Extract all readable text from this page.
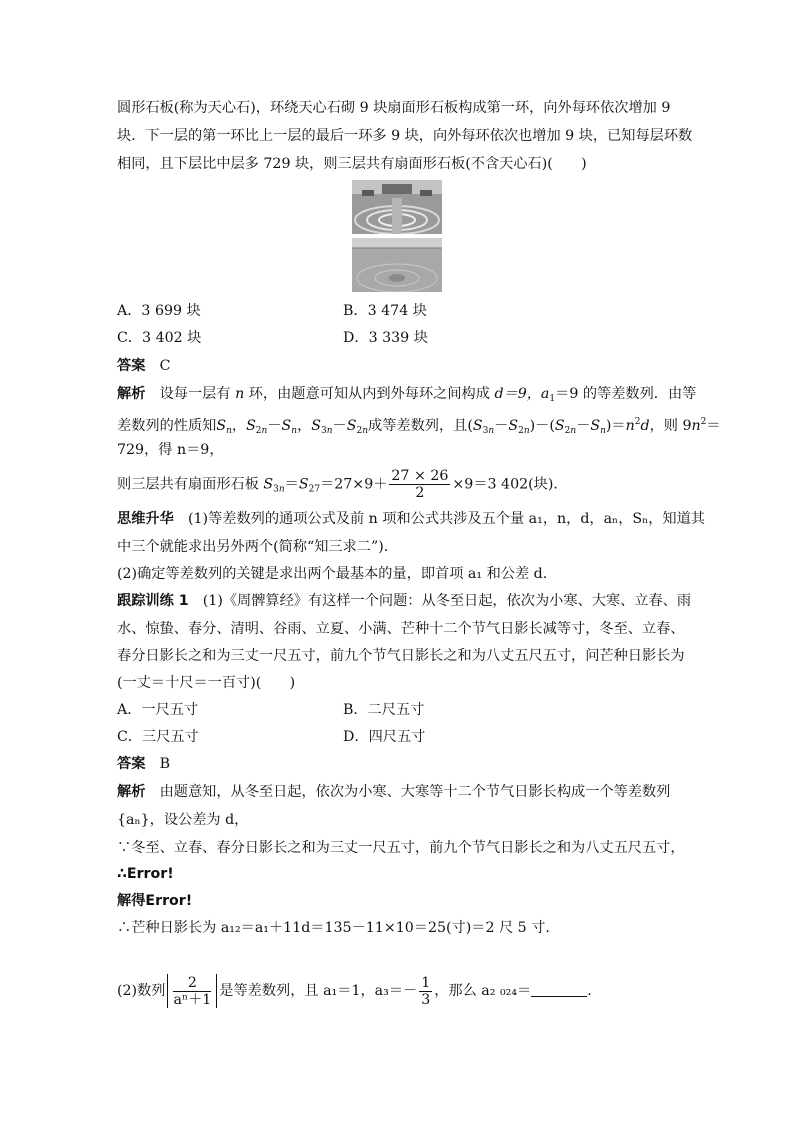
圆形石板(称为天心石)，环绕天心石砌 9 块扇面形石板构成第一环，向外每环依次增加 9
块．下一层的第一环比上一层的最后一环多 9 块，向外每环依次也增加 9 块，已知每层环数
相同，且下层比中层多 729 块，则三层共有扇面形石板(不含天心石)(　　)
A．3 699 块	B．3 474 块
C．3 402 块	D．3 339 块
答案　 C
解析　 设每一层有 n 环，由题意可知从内到外每环之间构成 d＝9，$a_1=9$ 的等差数列．由等
差数列的性质知$S_n$，$S_{2n}-S_n$，$S_{3n}-S_{2n}$成等差数列，且$(S_{3n}-S_{2n})-(S_{2n}-S_n)=n^2d$，则 $9n^2=$
729，得 n＝9，
则三层共有扇面形石板 $S_{3n}=S_{27}=27\times 9+ \frac{27 \times 26}{2} \times 9=3$ 402(块)．
思维升华　 (1)等差数列的通项公式及前 n 项和公式共涉及五个量 a₁，n，d，aₙ，Sₙ，知道其
中三个就能求出另外两个(简称“知三求二”)．
(2)确定等差数列的关键是求出两个最基本的量，即首项 a₁ 和公差 d.
跟踪训练 1　 (1)《周髀算经》有这样一个问题：从冬至日起，依次为小寒、大寒、立春、雨
水、惊蛰、春分、清明、谷雨、立夏、小满、芒种十二个节气日影长减等寸，冬至、立春、
春分日影长之和为三丈一尺五寸，前九个节气日影长之和为八丈五尺五寸，问芒种日影长为
(一丈＝十尺＝一百寸)(　　)
A．一尺五寸	B．二尺五寸
C．三尺五寸	D．四尺五寸
答案　 B
解析　 由题意知，从冬至日起，依次为小寒、大寒等十二个节气日影长构成一个等差数列
{aₙ}，设公差为 d，
∵冬至、立春、春分日影长之和为三丈一尺五寸，前九个节气日影长之和为八丈五尺五寸，
∴Error!
解得Error!
∴芒种日影长为 a₁₂＝a₁＋11d＝135－11×10＝25(寸)＝2 尺 5 寸．
(2)数列 $\frac{2}{\text{aⁿ＋1}}$ 是等差数列，且 a₁＝1，$a_3=- \frac{1}{3}$ ，那么 a₂ ₀₂₄＝	.
